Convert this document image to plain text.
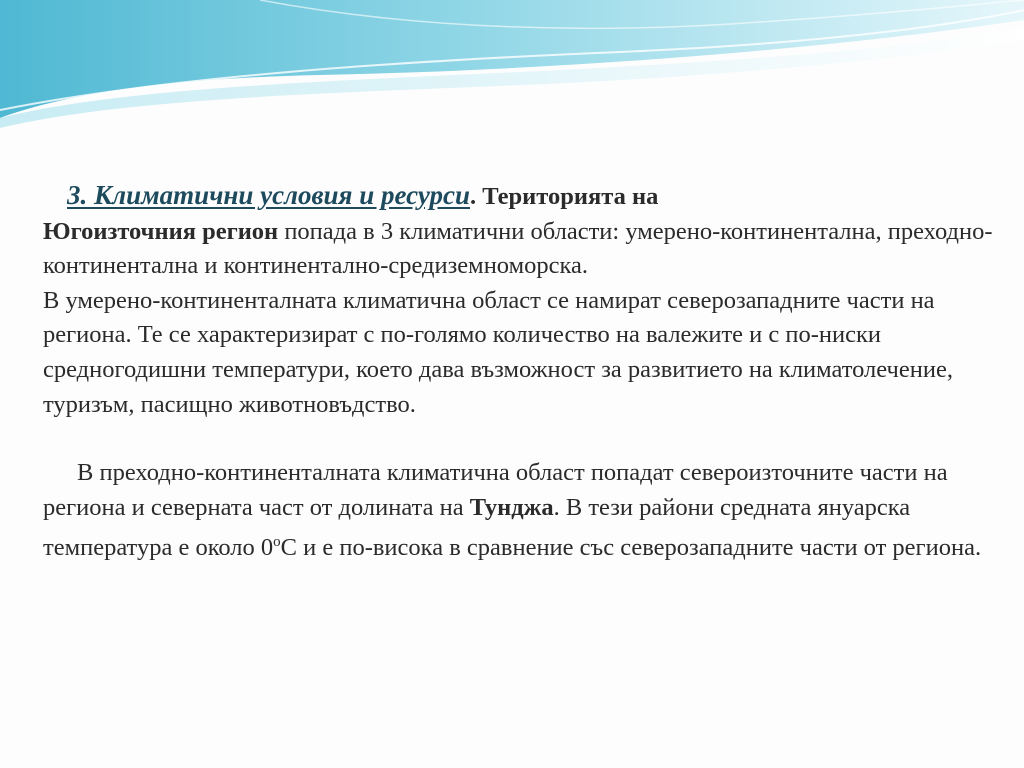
3. Климатични условия и ресурси. Територията на
Югоизточния регион попада в 3 климатични области: умерено-континентална, преходно-континентална и континентално-средиземноморска.

В умерено-континенталната климатична област се намират северозападните части на региона. Те се характеризират с по-голямо количество на валежите и с по-ниски средногодишни температури, което дава възможност за развитието на климатолечение, туризъм, пасищно животновъдство.

В преходно-континенталната климатична област попадат североизточните части на региона и северната част от долината на Тунджа. В тези райони средната януарска температура е около $0^оС$ и е по-висока в сравнение със северозападните части от региона.
